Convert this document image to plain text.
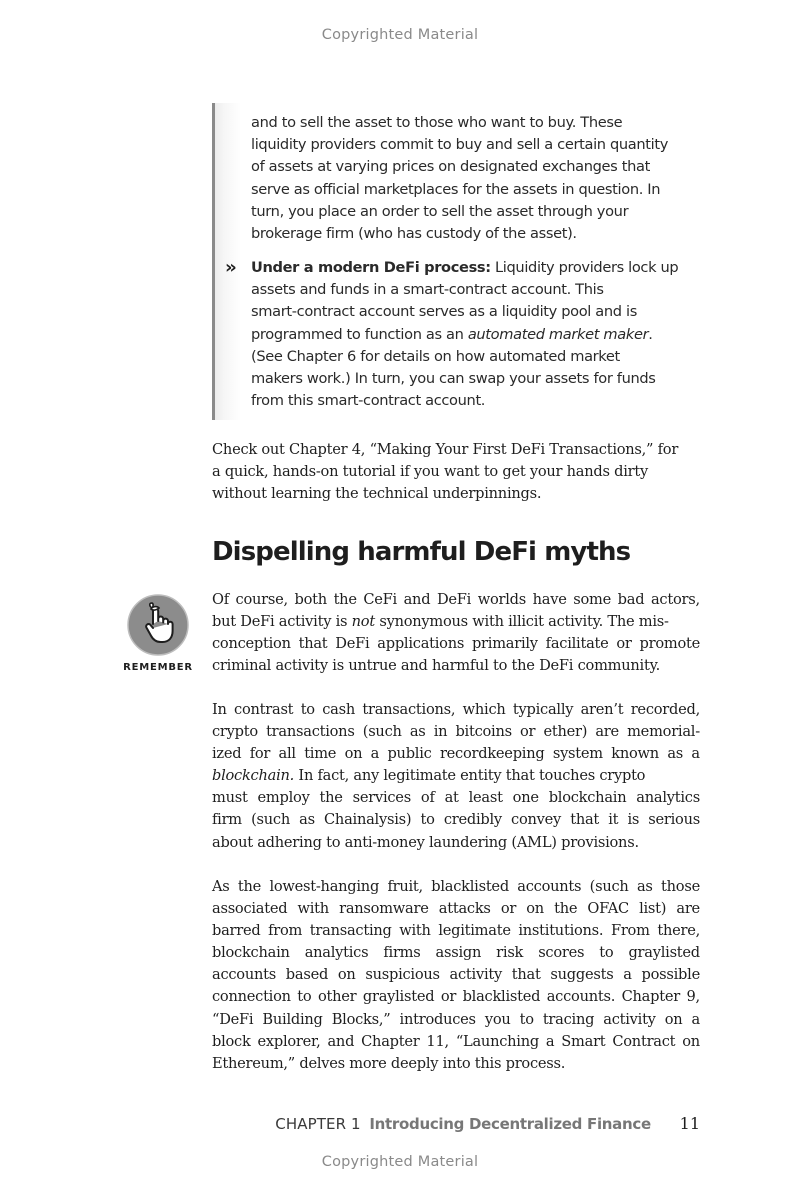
Copyrighted Material

and to sell the asset to those who want to buy. These
liquidity providers commit to buy and sell a certain quantity
of assets at varying prices on designated exchanges that
serve as official marketplaces for the assets in question. In
turn, you place an order to sell the asset through your
brokerage firm (who has custody of the asset).

›› Under a modern DeFi process: Liquidity providers lock up
assets and funds in a smart-contract account. This
smart-contract account serves as a liquidity pool and is
programmed to function as an automated market maker.
(See Chapter 6 for details on how automated market
makers work.) In turn, you can swap your assets for funds
from this smart-contract account.

Check out Chapter 4, “Making Your First DeFi Transactions,” for
a quick, hands-on tutorial if you want to get your hands dirty
without learning the technical underpinnings.

Dispelling harmful DeFi myths
REMEMBER

Of course, both the CeFi and DeFi worlds have some bad actors,
but DeFi activity is not synonymous with illicit activity. The mis-
conception that DeFi applications primarily facilitate or promote
criminal activity is untrue and harmful to the DeFi community.

In contrast to cash transactions, which typically aren’t recorded,
crypto transactions (such as in bitcoins or ether) are memorial-
ized for all time on a public recordkeeping system known as a
blockchain. In fact, any legitimate entity that touches crypto
must employ the services of at least one blockchain analytics
firm (such as Chainalysis) to credibly convey that it is serious
about adhering to anti-money laundering (AML) provisions.

As the lowest-hanging fruit, blacklisted accounts (such as those
associated with ransomware attacks or on the OFAC list) are
barred from transacting with legitimate institutions. From there,
blockchain analytics firms assign risk scores to graylisted
accounts based on suspicious activity that suggests a possible
connection to other graylisted or blacklisted accounts. Chapter 9,
“DeFi Building Blocks,” introduces you to tracing activity on a
block explorer, and Chapter 11, “Launching a Smart Contract on
Ethereum,” delves more deeply into this process.

CHAPTER 1 Introducing Decentralized Finance 11
Copyrighted Material
